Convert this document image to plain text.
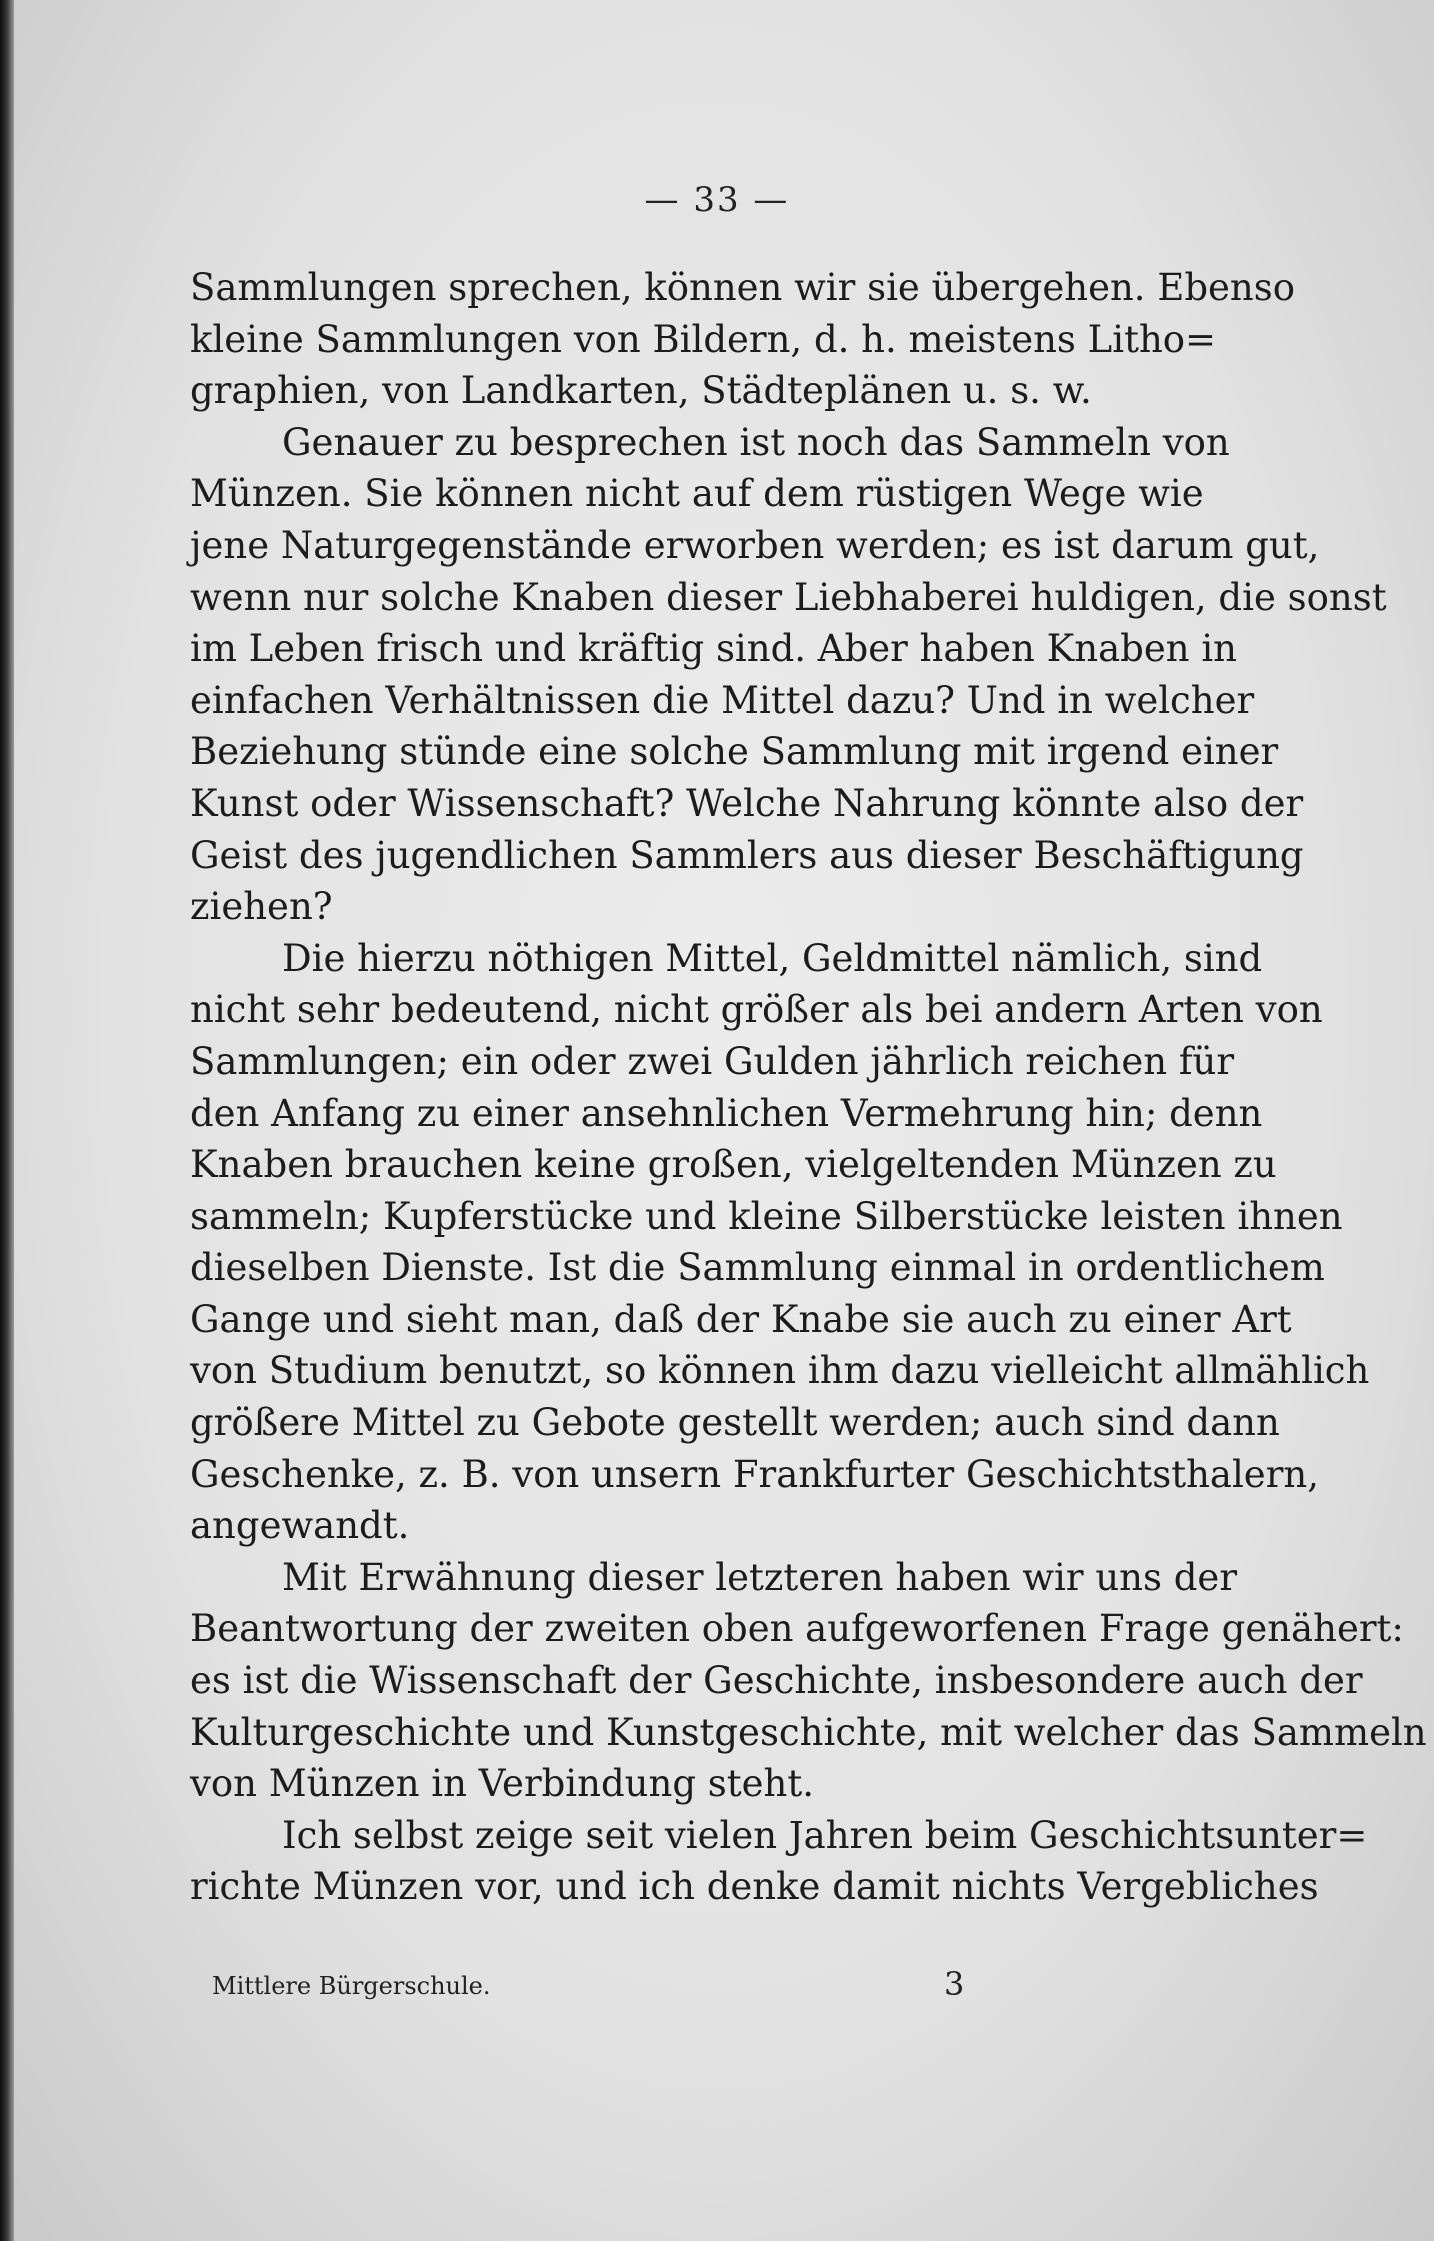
— 33 —
Sammlungen sprechen, können wir sie übergehen. Ebenso
kleine Sammlungen von Bildern, d. h. meistens Litho=
graphien, von Landkarten, Städteplänen u. s. w.
Genauer zu besprechen ist noch das Sammeln von
Münzen. Sie können nicht auf dem rüstigen Wege wie
jene Naturgegenstände erworben werden; es ist darum gut,
wenn nur solche Knaben dieser Liebhaberei huldigen, die sonst
im Leben frisch und kräftig sind. Aber haben Knaben in
einfachen Verhältnissen die Mittel dazu? Und in welcher
Beziehung stünde eine solche Sammlung mit irgend einer
Kunst oder Wissenschaft? Welche Nahrung könnte also der
Geist des jugendlichen Sammlers aus dieser Beschäftigung
ziehen?
Die hierzu nöthigen Mittel, Geldmittel nämlich, sind
nicht sehr bedeutend, nicht größer als bei andern Arten von
Sammlungen; ein oder zwei Gulden jährlich reichen für
den Anfang zu einer ansehnlichen Vermehrung hin; denn
Knaben brauchen keine großen, vielgeltenden Münzen zu
sammeln; Kupferstücke und kleine Silberstücke leisten ihnen
dieselben Dienste. Ist die Sammlung einmal in ordentlichem
Gange und sieht man, daß der Knabe sie auch zu einer Art
von Studium benutzt, so können ihm dazu vielleicht allmählich
größere Mittel zu Gebote gestellt werden; auch sind dann
Geschenke, z. B. von unsern Frankfurter Geschichtsthalern,
angewandt.
Mit Erwähnung dieser letzteren haben wir uns der
Beantwortung der zweiten oben aufgeworfenen Frage genähert:
es ist die Wissenschaft der Geschichte, insbesondere auch der
Kulturgeschichte und Kunstgeschichte, mit welcher das Sammeln
von Münzen in Verbindung steht.
Ich selbst zeige seit vielen Jahren beim Geschichtsunter=
richte Münzen vor, und ich denke damit nichts Vergebliches
Mittlere Bürgerschule.	3
